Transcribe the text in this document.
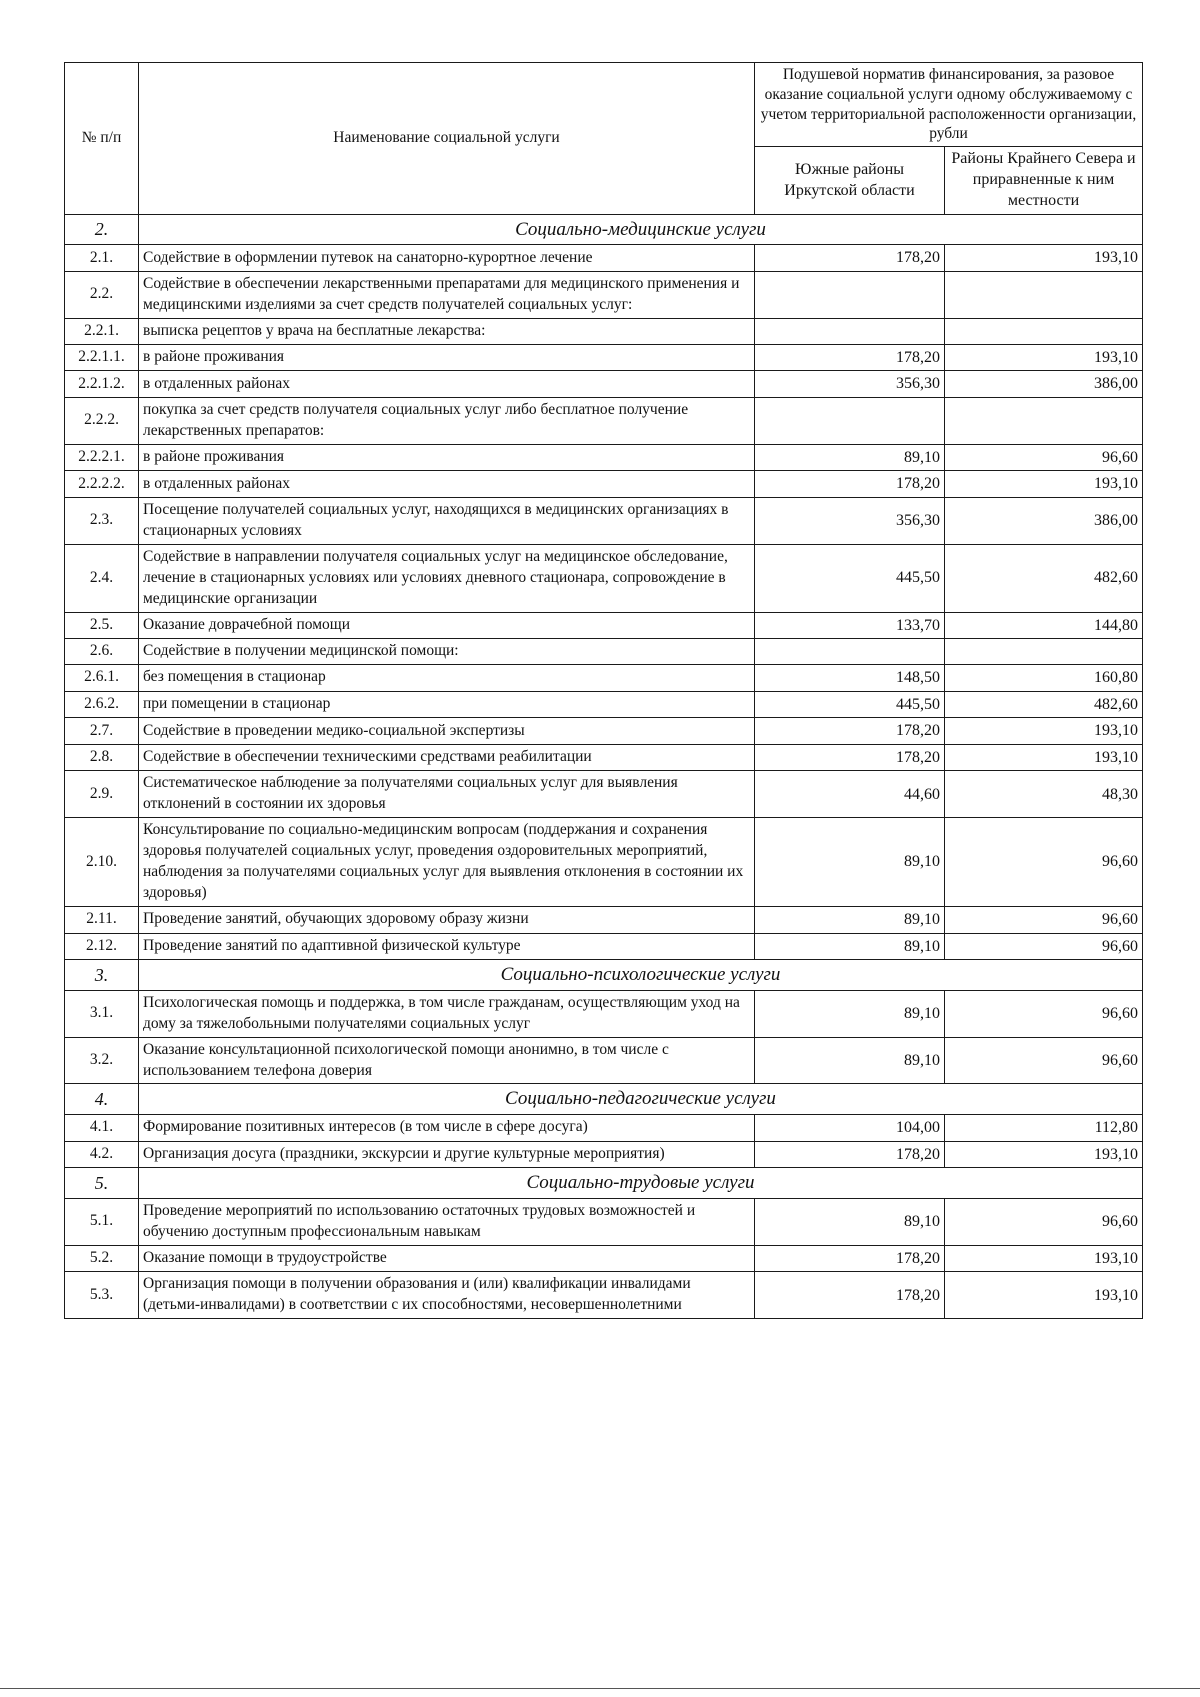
№ п/п	Наименование социальной услуги	Подушевой норматив финансирования, за разовое оказание социальной услуги одному обслуживаемому с учетом территориальной расположенности организации, рубли	
		Южные районы Иркутской области	Районы Крайнего Севера и приравненные к ним местности
2.	Социально-медицинские услуги		
2.1.	Содействие в оформлении путевок на санаторно-курортное лечение	178,20	193,10
2.2.	Содействие в обеспечении лекарственными препаратами для медицинского применения и медицинскими изделиями за счет средств получателей социальных услуг:		
2.2.1.	выписка рецептов у врача на бесплатные лекарства:		
2.2.1.1.	в районе проживания	178,20	193,10
2.2.1.2.	в отдаленных районах	356,30	386,00
2.2.2.	покупка за счет средств получателя социальных услуг либо бесплатное получение лекарственных препаратов:		
2.2.2.1.	в районе проживания	89,10	96,60
2.2.2.2.	в отдаленных районах	178,20	193,10
2.3.	Посещение получателей социальных услуг, находящихся в медицинских организациях в стационарных условиях	356,30	386,00
2.4.	Содействие в направлении получателя социальных услуг на медицинское обследование, лечение в стационарных условиях или условиях дневного стационара, сопровождение в медицинские организации	445,50	482,60
2.5.	Оказание доврачебной помощи	133,70	144,80
2.6.	Содействие в получении медицинской помощи:		
2.6.1.	без помещения в стационар	148,50	160,80
2.6.2.	при помещении в стационар	445,50	482,60
2.7.	Содействие в проведении медико-социальной экспертизы	178,20	193,10
2.8.	Содействие в обеспечении техническими средствами реабилитации	178,20	193,10
2.9.	Систематическое наблюдение за получателями социальных услуг для выявления отклонений в состоянии их здоровья	44,60	48,30
2.10.	Консультирование по социально-медицинским вопросам (поддержания и сохранения здоровья получателей социальных услуг, проведения оздоровительных мероприятий, наблюдения за получателями социальных услуг для выявления отклонения в состоянии их здоровья)	89,10	96,60
2.11.	Проведение занятий, обучающих здоровому образу жизни	89,10	96,60
2.12.	Проведение занятий по адаптивной физической культуре	89,10	96,60
3.	Социально-психологические услуги		
3.1.	Психологическая помощь и поддержка, в том числе гражданам, осуществляющим уход на дому за тяжелобольными получателями социальных услуг	89,10	96,60
3.2.	Оказание консультационной психологической помощи анонимно, в том числе с использованием телефона доверия	89,10	96,60
4.	Социально-педагогические услуги		
4.1.	Формирование позитивных интересов (в том числе в сфере досуга)	104,00	112,80
4.2.	Организация досуга (праздники, экскурсии и другие культурные мероприятия)	178,20	193,10
5.	Социально-трудовые услуги		
5.1.	Проведение мероприятий по использованию остаточных трудовых возможностей и обучению доступным профессиональным навыкам	89,10	96,60
5.2.	Оказание помощи в трудоустройстве	178,20	193,10
5.3.	Организация помощи в получении образования и (или) квалификации инвалидами (детьми-инвалидами) в соответствии с их способностями, несовершеннолетними	178,20	193,10
